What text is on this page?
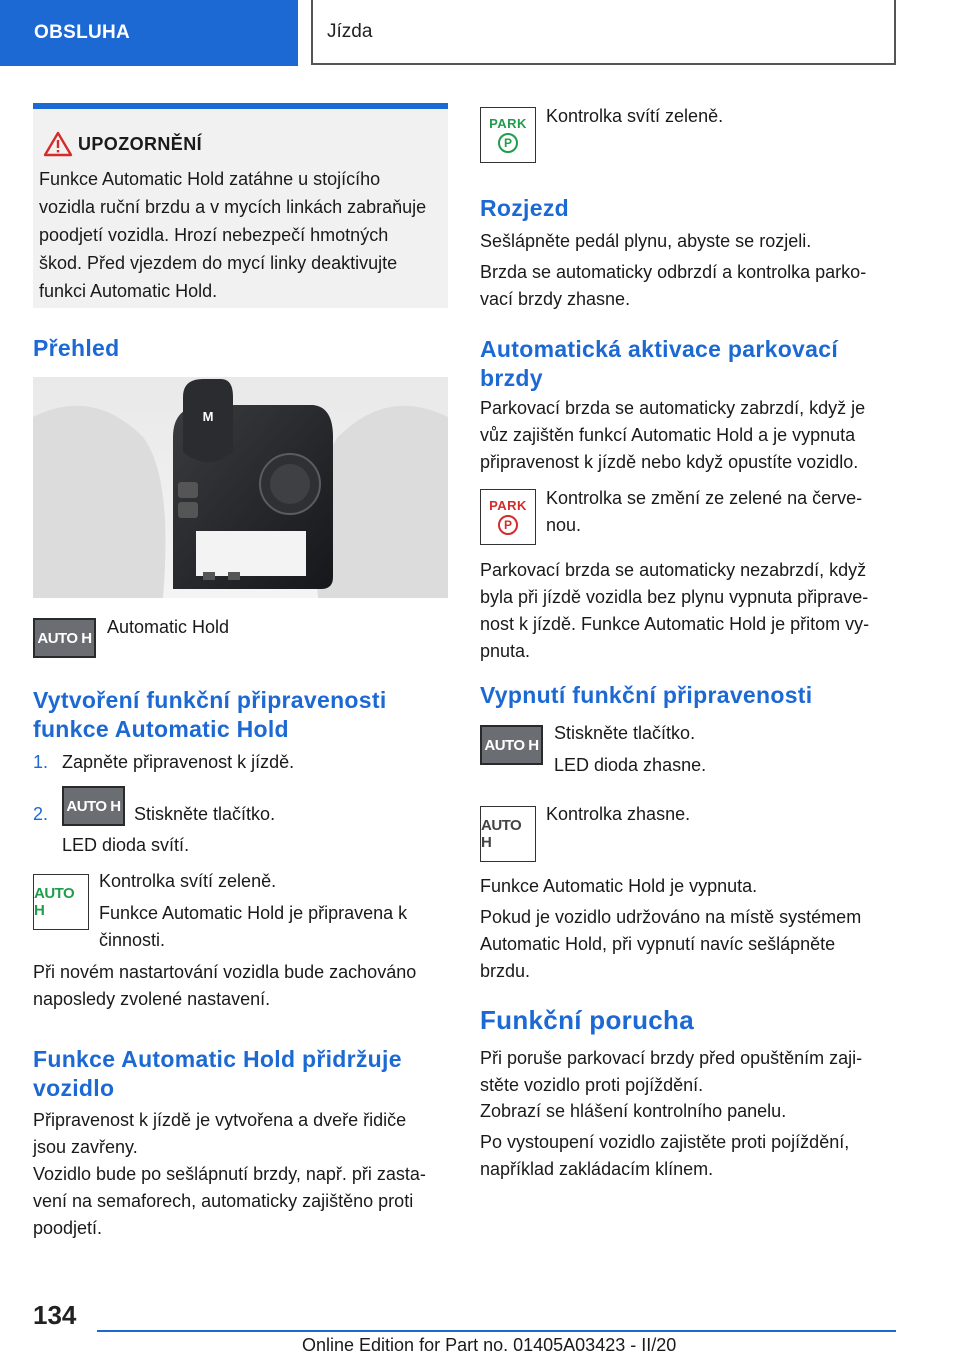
OBSLUHA	Jízda
UPOZORNĚNÍ
Funkce Automatic Hold zatáhne u stojícího
vozidla ruční brzdu a v mycích linkách zabraňuje
poodjetí vozidla. Hrozí nebezpečí hmotných
škod. Před vjezdem do mycí linky deaktivujte
funkci Automatic Hold.
Přehled
M
AUTO H
Automatic Hold
Vytvoření funkční připravenosti
funkce Automatic Hold
1. Zapněte připravenost k jízdě.
2. AUTO H Stiskněte tlačítko.
LED dioda svítí.
AUTO H
Kontrolka svítí zeleně.
Funkce Automatic Hold je připravena k
činnosti.
Při novém nastartování vozidla bude zachováno
naposledy zvolené nastavení.
Funkce Automatic Hold přidržuje
vozidlo
Připravenost k jízdě je vytvořena a dveře řidiče
jsou zavřeny.
Vozidlo bude po sešlápnutí brzdy, např. při zasta-
vení na semaforech, automaticky zajištěno proti
poodjetí.
PARK
P
Kontrolka svítí zeleně.
Rozjezd
Sešlápněte pedál plynu, abyste se rozjeli.
Brzda se automaticky odbrzdí a kontrolka parko-
vací brzdy zhasne.
Automatická aktivace parkovací
brzdy
Parkovací brzda se automaticky zabrzdí, když je
vůz zajištěn funkcí Automatic Hold a je vypnuta
připravenost k jízdě nebo když opustíte vozidlo.
PARK
P
Kontrolka se změní ze zelené na červe-
nou.
Parkovací brzda se automaticky nezabrzdí, když
byla při jízdě vozidla bez plynu vypnuta připrave-
nost k jízdě. Funkce Automatic Hold je přitom vy-
pnuta.
Vypnutí funkční připravenosti
AUTO H
Stiskněte tlačítko.
LED dioda zhasne.
AUTO H
Kontrolka zhasne.
Funkce Automatic Hold je vypnuta.
Pokud je vozidlo udržováno na místě systémem
Automatic Hold, při vypnutí navíc sešlápněte
brzdu.
Funkční porucha
Při poruše parkovací brzdy před opuštěním zaji-
stěte vozidlo proti pojíždění.
Zobrazí se hlášení kontrolního panelu.
Po vystoupení vozidlo zajistěte proti pojíždění,
například zakládacím klínem.
134
Online Edition for Part no. 01405A03423 - II/20
